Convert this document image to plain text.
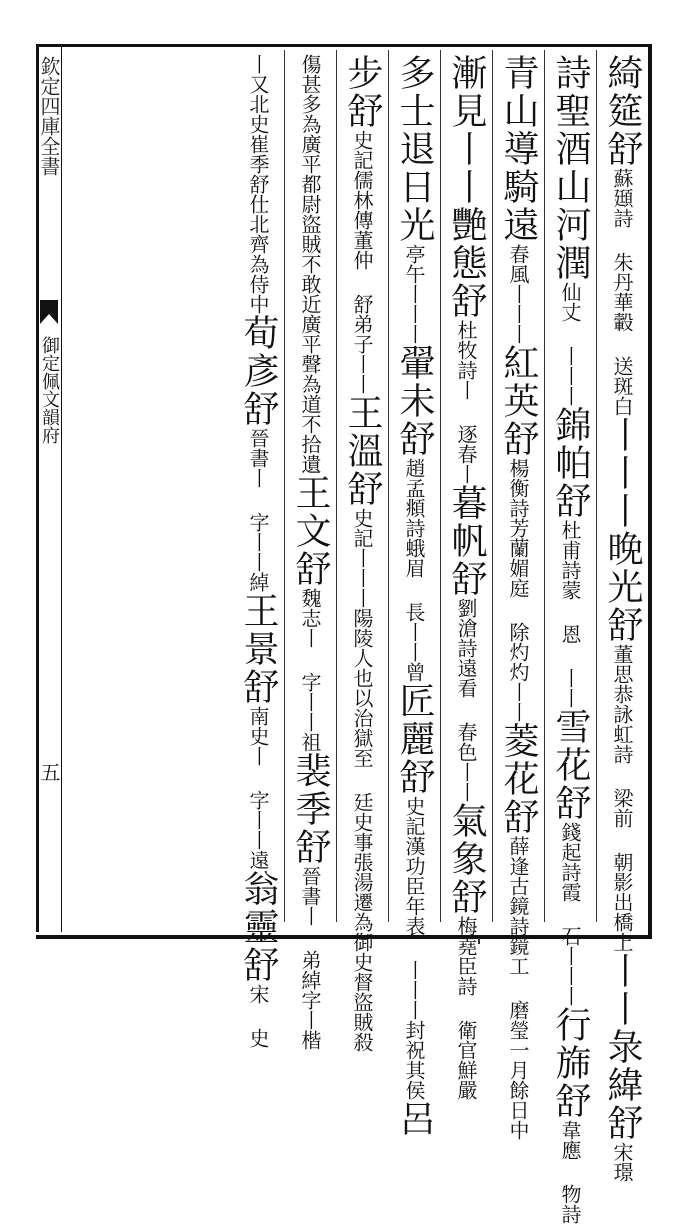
欽定四庫全書
御定佩文韻府
五
綺筵舒蘇頲詩 朱丹華轂 送斑白丨丨丨晚光舒董思恭詠虹詩 梁前 朝影出橋上丨丨彔緯舒宋璟
詩聖酒山河潤仙丈 丨丨丨錦帕舒杜甫詩蒙 恩 丨丨雪花舒錢起詩霞 石丨丨丨行旆舒韋應 物詩
青山導騎遠春風丨丨丨紅英舒楊衡詩芳蘭媚庭 除灼灼丨丨菱花舒薛逢古鏡詩鏡工 磨瑩一月餘日中
漸見丨丨艷態舒杜牧詩丨 逐春丨暮帆舒劉滄詩遠看 春色丨丨氣象舒梅堯臣詩 衛官鮮嚴
多士退日光亭午丨丨丨翬未舒趙孟頫詩蛾眉 長丨丨曾匠麗舒史記漢功臣年表 丨丨丨封祝其侯呂
步舒史記儒林傳董仲 舒弟子丨丨王溫舒史記丨丨丨陽陵人也以治獄至 廷史事張湯遷為御史督盜賊殺
傷甚多為廣平都尉盜賊不敢近廣平聲為道不拾遺王文舒魏志丨 字丨丨祖裴季舒晉書丨 弟綽字丨楷
丨又北史崔季舒仕北齊為侍中荀彥舒晉書丨 字丨丨綽王景舒南史丨 字丨丨遠翁靈舒宋 史
